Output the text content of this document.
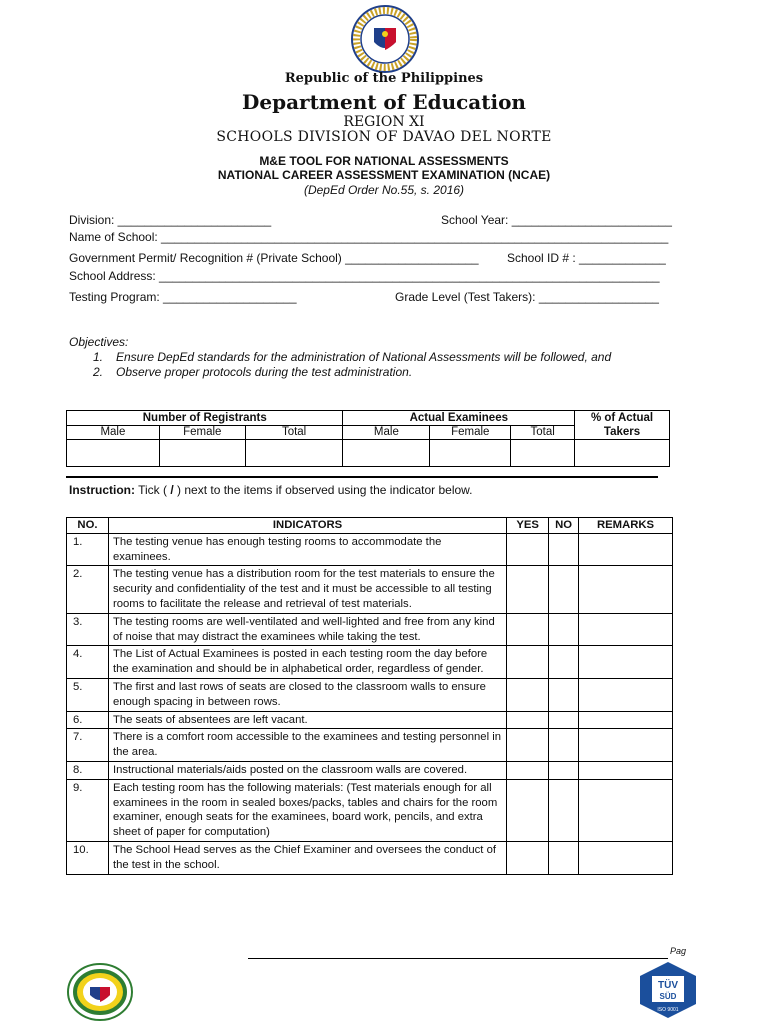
Republic of the Philippines
Department of Education
REGION XI
SCHOOLS DIVISION OF DAVAO DEL NORTE
M&E TOOL FOR NATIONAL ASSESSMENTS
NATIONAL CAREER ASSESSMENT EXAMINATION (NCAE)
(DepEd Order No.55, s. 2016)
Division: _______________________	School Year: ________________________
Name of School: ____________________________________________________________________________
Government Permit/ Recognition # (Private School) ____________________ School ID # : _____________
School Address: ___________________________________________________________________________
Testing Program: ____________________	Grade Level (Test Takers): __________________
Objectives:
1. Ensure DepEd standards for the administration of National Assessments will be followed, and
2. Observe proper protocols during the test administration.
Number of Registrants			Actual Examinees			% of Actual
Takers
Male	Female	Total	Male	Female	Total	

Instruction: Tick ( / ) next to the items if observed using the indicator below.
NO.	INDICATORS	YES	NO	REMARKS
1.	The testing venue has enough testing rooms to accommodate the examinees.			
2.	The testing venue has a distribution room for the test materials to ensure the security and confidentiality of the test and it must be accessible to all testing rooms to facilitate the release and retrieval of test materials.			
3.	The testing rooms are well-ventilated and well-lighted and free from any kind of noise that may distract the examinees while taking the test.			
4.	The List of Actual Examinees is posted in each testing room the day before the examination and should be in alphabetical order, regardless of gender.			
5.	The first and last rows of seats are closed to the classroom walls to ensure enough spacing in between rows.			
6.	The seats of absentees are left vacant.			
7.	There is a comfort room accessible to the examinees and testing personnel in the area.			
8.	Instructional materials/aids posted on the classroom walls are covered.			
9.	Each testing room has the following materials: (Test materials enough for all examinees in the room in sealed boxes/packs, tables and chairs for the room examiner, enough seats for the examinees, board work, pencils, and extra sheet of paper for computation)			
10.	The School Head serves as the Chief Examiner and oversees the conduct of the test in the school.			
Pag
TÜV
SÜD
ISO 9001
